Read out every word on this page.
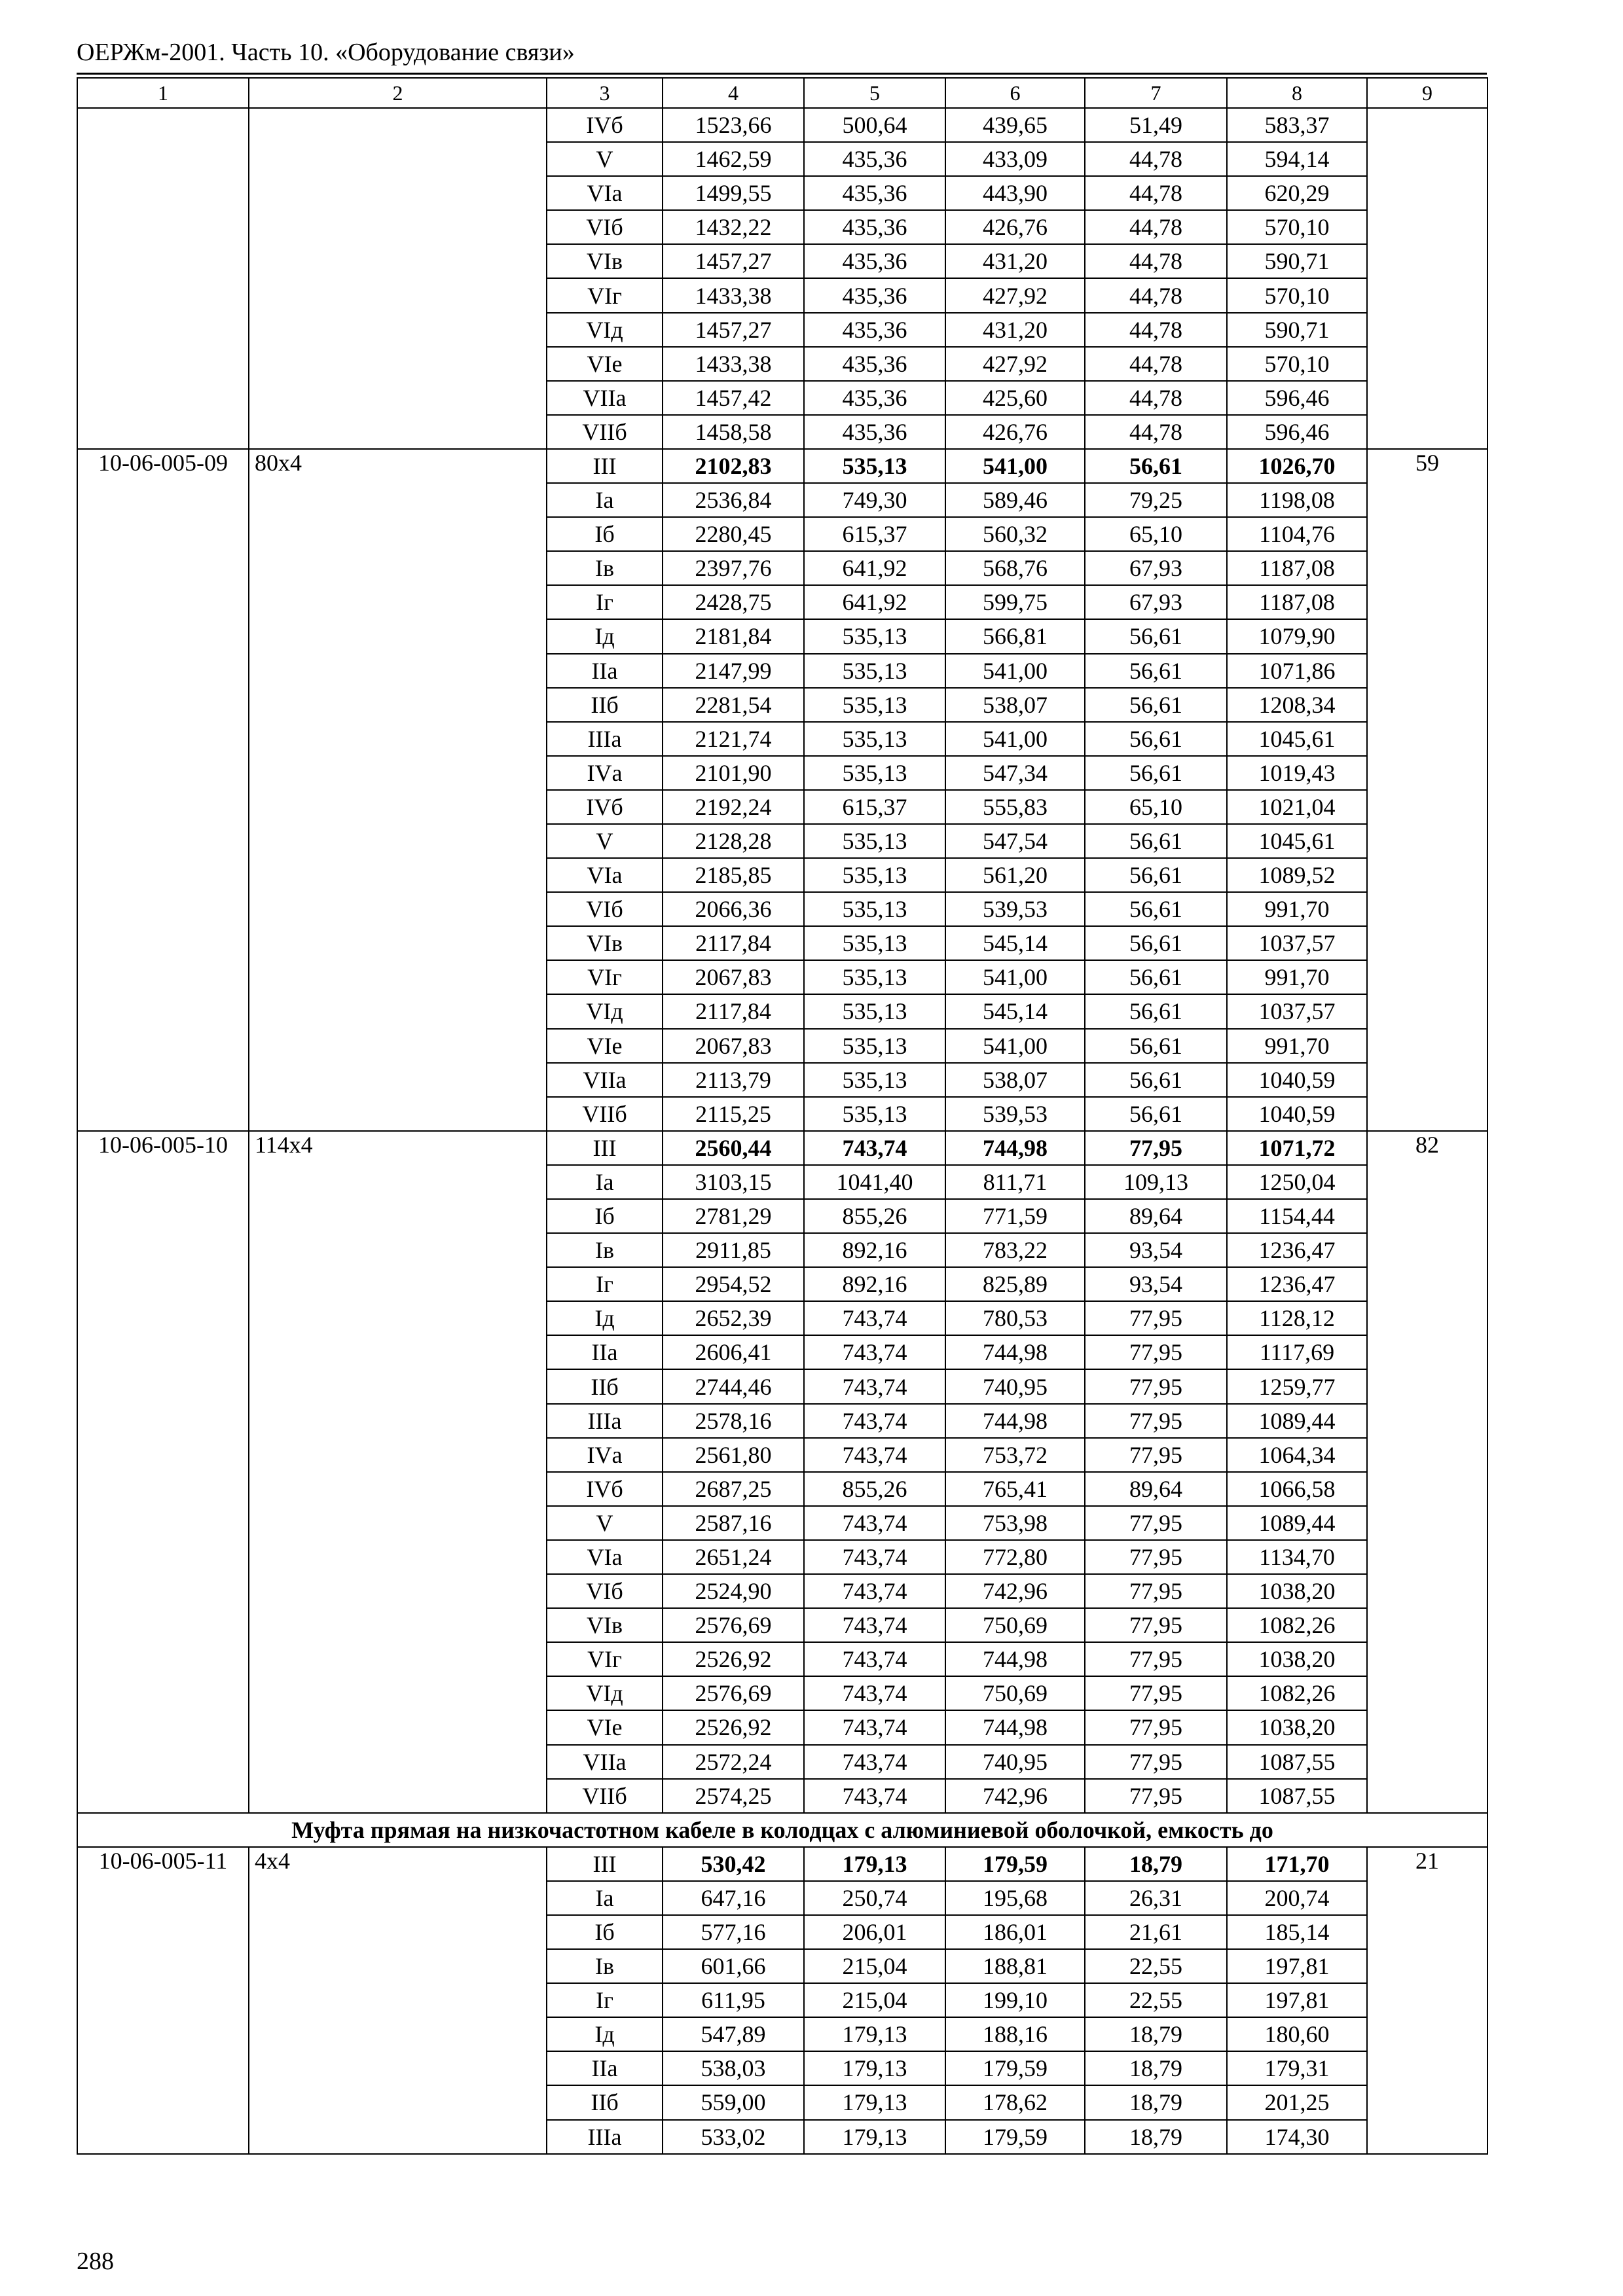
ОЕРЖм-2001. Часть 10. «Оборудование связи»
1	2	3	4	5	6	7	8	9
		IVб	1523,66	500,64	439,65	51,49	583,37	
		V	1462,59	435,36	433,09	44,78	594,14	
		VIа	1499,55	435,36	443,90	44,78	620,29	
		VIб	1432,22	435,36	426,76	44,78	570,10	
		VIв	1457,27	435,36	431,20	44,78	590,71	
		VIг	1433,38	435,36	427,92	44,78	570,10	
		VIд	1457,27	435,36	431,20	44,78	590,71	
		VIе	1433,38	435,36	427,92	44,78	570,10	
		VIIа	1457,42	435,36	425,60	44,78	596,46	
		VIIб	1458,58	435,36	426,76	44,78	596,46	
10-06-005-09	80x4	III	2102,83	535,13	541,00	56,61	1026,70	59
		Iа	2536,84	749,30	589,46	79,25	1198,08	
		Iб	2280,45	615,37	560,32	65,10	1104,76	
		Iв	2397,76	641,92	568,76	67,93	1187,08	
		Iг	2428,75	641,92	599,75	67,93	1187,08	
		Iд	2181,84	535,13	566,81	56,61	1079,90	
		IIа	2147,99	535,13	541,00	56,61	1071,86	
		IIб	2281,54	535,13	538,07	56,61	1208,34	
		IIIа	2121,74	535,13	541,00	56,61	1045,61	
		IVа	2101,90	535,13	547,34	56,61	1019,43	
		IVб	2192,24	615,37	555,83	65,10	1021,04	
		V	2128,28	535,13	547,54	56,61	1045,61	
		VIа	2185,85	535,13	561,20	56,61	1089,52	
		VIб	2066,36	535,13	539,53	56,61	991,70	
		VIв	2117,84	535,13	545,14	56,61	1037,57	
		VIг	2067,83	535,13	541,00	56,61	991,70	
		VIд	2117,84	535,13	545,14	56,61	1037,57	
		VIе	2067,83	535,13	541,00	56,61	991,70	
		VIIа	2113,79	535,13	538,07	56,61	1040,59	
		VIIб	2115,25	535,13	539,53	56,61	1040,59	
10-06-005-10	114x4	III	2560,44	743,74	744,98	77,95	1071,72	82
		Iа	3103,15	1041,40	811,71	109,13	1250,04	
		Iб	2781,29	855,26	771,59	89,64	1154,44	
		Iв	2911,85	892,16	783,22	93,54	1236,47	
		Iг	2954,52	892,16	825,89	93,54	1236,47	
		Iд	2652,39	743,74	780,53	77,95	1128,12	
		IIа	2606,41	743,74	744,98	77,95	1117,69	
		IIб	2744,46	743,74	740,95	77,95	1259,77	
		IIIа	2578,16	743,74	744,98	77,95	1089,44	
		IVа	2561,80	743,74	753,72	77,95	1064,34	
		IVб	2687,25	855,26	765,41	89,64	1066,58	
		V	2587,16	743,74	753,98	77,95	1089,44	
		VIа	2651,24	743,74	772,80	77,95	1134,70	
		VIб	2524,90	743,74	742,96	77,95	1038,20	
		VIв	2576,69	743,74	750,69	77,95	1082,26	
		VIг	2526,92	743,74	744,98	77,95	1038,20	
		VIд	2576,69	743,74	750,69	77,95	1082,26	
		VIе	2526,92	743,74	744,98	77,95	1038,20	
		VIIа	2572,24	743,74	740,95	77,95	1087,55	
		VIIб	2574,25	743,74	742,96	77,95	1087,55	
Муфта прямая на низкочастотном кабеле в колодцах с алюминиевой оболочкой, емкость до								
10-06-005-11	4x4	III	530,42	179,13	179,59	18,79	171,70	21
		Iа	647,16	250,74	195,68	26,31	200,74	
		Iб	577,16	206,01	186,01	21,61	185,14	
		Iв	601,66	215,04	188,81	22,55	197,81	
		Iг	611,95	215,04	199,10	22,55	197,81	
		Iд	547,89	179,13	188,16	18,79	180,60	
		IIа	538,03	179,13	179,59	18,79	179,31	
		IIб	559,00	179,13	178,62	18,79	201,25	
		IIIа	533,02	179,13	179,59	18,79	174,30	
288
